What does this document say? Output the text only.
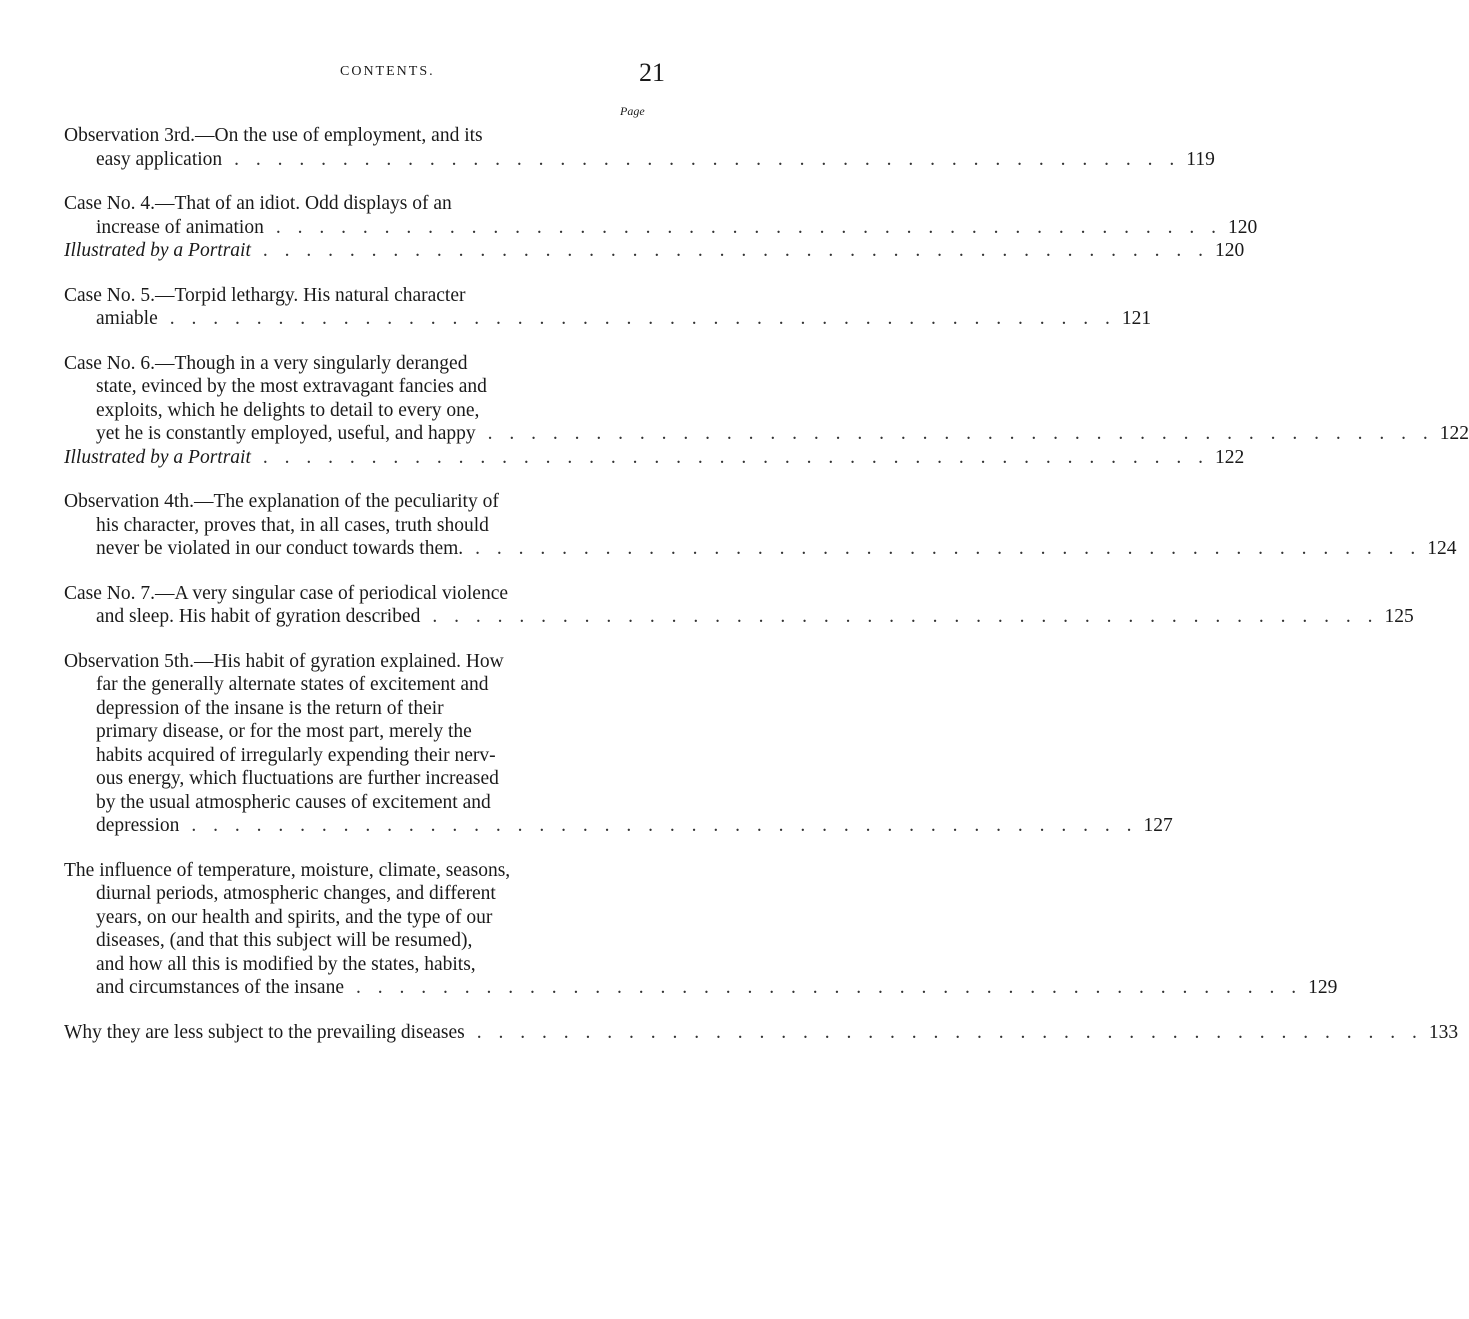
CONTENTS.	21
Page
Observation 3rd.—On the use of employment, and its
easy application . . . . . . . . . . . . . . . . . . . . . . . . . . . . . . . . . . . . . . . . . . . . 119
Case No. 4.—That of an idiot. Odd displays of an
increase of animation . . . . . . . . . . . . . . . . . . . . . . . . . . . . . . . . . . . . . . . . . . . . 120
Illustrated by a Portrait . . . . . . . . . . . . . . . . . . . . . . . . . . . . . . . . . . . . . . . . . . . . 120
Case No. 5.—Torpid lethargy. His natural character
amiable . . . . . . . . . . . . . . . . . . . . . . . . . . . . . . . . . . . . . . . . . . . . 121
Case No. 6.—Though in a very singularly deranged
state, evinced by the most extravagant fancies and
exploits, which he delights to detail to every one,
yet he is constantly employed, useful, and happy . . . . . . . . . . . . . . . . . . . . . . . . . . . . . . . . . . . . . . . . . . . . 122
Illustrated by a Portrait . . . . . . . . . . . . . . . . . . . . . . . . . . . . . . . . . . . . . . . . . . . . 122
Observation 4th.—The explanation of the peculiarity of
his character, proves that, in all cases, truth should
never be violated in our conduct towards them. . . . . . . . . . . . . . . . . . . . . . . . . . . . . . . . . . . . . . . . . . . . . 124
Case No. 7.—A very singular case of periodical violence
and sleep. His habit of gyration described . . . . . . . . . . . . . . . . . . . . . . . . . . . . . . . . . . . . . . . . . . . . 125
Observation 5th.—His habit of gyration explained. How
far the generally alternate states of excitement and
depression of the insane is the return of their
primary disease, or for the most part, merely the
habits acquired of irregularly expending their nerv-
ous energy, which fluctuations are further increased
by the usual atmospheric causes of excitement and
depression . . . . . . . . . . . . . . . . . . . . . . . . . . . . . . . . . . . . . . . . . . . . 127
The influence of temperature, moisture, climate, seasons,
diurnal periods, atmospheric changes, and different
years, on our health and spirits, and the type of our
diseases, (and that this subject will be resumed),
and how all this is modified by the states, habits,
and circumstances of the insane . . . . . . . . . . . . . . . . . . . . . . . . . . . . . . . . . . . . . . . . . . . . 129
Why they are less subject to the prevailing diseases . . . . . . . . . . . . . . . . . . . . . . . . . . . . . . . . . . . . . . . . . . . . 133
